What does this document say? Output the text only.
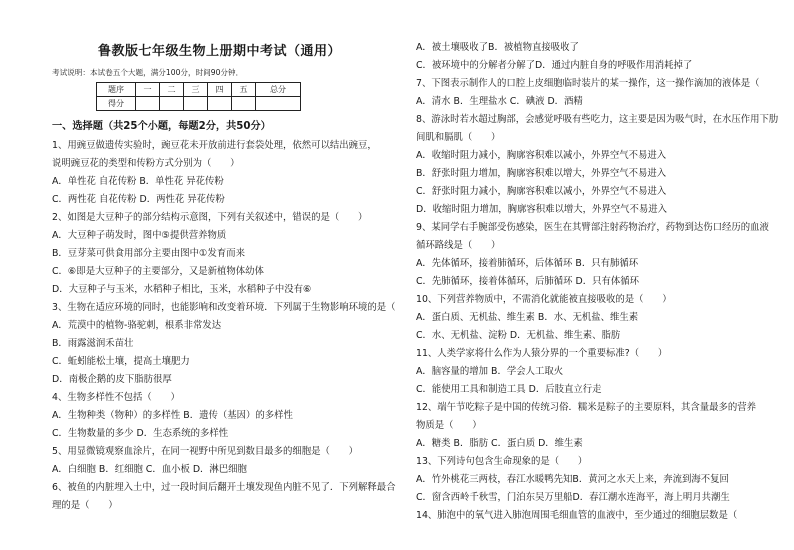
鲁教版七年级生物上册期中考试（通用）
考试说明：本试卷五个大题，满分100分，时间90分钟．
题序	一	二	三	四	五	总分
得分						
一、选择题（共25个小题，每题2分，共50分）
1、用豌豆做遗传实验时，豌豆花未开放前进行套袋处理，依然可以结出豌豆，
说明豌豆花的类型和传粉方式分别为（　　）
A．单性花 自花传粉 B．单性花 异花传粉
C．两性花 自花传粉 D．两性花 异花传粉
2、如图是大豆种子的部分结构示意图，下列有关叙述中，错误的是（　　）
A．大豆种子萌发时，图中⑤提供营养物质
B．豆芽菜可供食用部分主要由图中①发育而来
C．⑥即是大豆种子的主要部分，又是新植物体幼体
D．大豆种子与玉米，水稻种子相比，玉米，水稻种子中没有⑥
3、生物在适应环境的同时，也能影响和改变着环境．下列属于生物影响环境的是（
A．荒漠中的植物-骆驼刺，根系非常发达
B．雨露滋润禾苗壮
C．蚯蚓能松土壤，提高土壤肥力
D．南极企鹅的皮下脂肪很厚
4、生物多样性不包括（　　）
A．生物种类（物种）的多样性 B．遗传（基因）的多样性
C．生物数量的多少 D．生态系统的多样性
5、用显微镜观察血涂片，在同一视野中所见到数目最多的细胞是（　　）
A．白细胞 B．红细胞 C．血小板 D．淋巴细胞
6、被鱼的内脏埋入土中，过一段时间后翻开土壤发现鱼内脏不见了．下列解释最合
理的是（　　）
A．被土壤吸收了B．被植物直接吸收了
C．被环境中的分解者分解了D．通过内脏自身的呼吸作用消耗掉了
7、下图表示制作人的口腔上皮细胞临时装片的某一操作，这一操作滴加的液体是（
A．清水 B．生理盐水 C．碘液 D．酒精
8、游泳时若水超过胸部，会感觉呼吸有些吃力，这主要是因为吸气时，在水压作用下肋
间肌和膈肌（　　）
A．收缩时阻力减小，胸廓容积难以减小，外界空气不易进入
B．舒张时阻力增加，胸廓容积难以增大，外界空气不易进入
C．舒张时阻力减小，胸廓容积难以减小，外界空气不易进入
D．收缩时阻力增加，胸廓容积难以增大，外界空气不易进入
9、某同学右手腕部受伤感染，医生在其臂部注射药物治疗，药物到达伤口经历的血液
循环路线是（　　）
A．先体循环，接着肺循环，后体循环 B．只有肺循环
C．先肺循环，接着体循环，后肺循环 D．只有体循环
10、下列营养物质中，不需消化就能被直接吸收的是（　　）
A．蛋白质、无机盐、维生素 B．水、无机盐、维生素
C．水、无机盐、淀粉 D．无机盐、维生素、脂肪
11、人类学家将什么作为人猿分界的一个重要标准?（　　）
A．脑容量的增加 B．学会人工取火
C．能使用工具和制造工具 D．后肢直立行走
12、端午节吃粽子是中国的传统习俗．糯米是粽子的主要原料，其含量最多的营养
物质是（　　）
A．糖类 B．脂肪 C．蛋白质 D．维生素
13、下列诗句包含生命现象的是（　　）
A．竹外桃花三两枝，春江水暖鸭先知B．黄河之水天上来，奔流到海不复回
C．窗含西岭千秋雪，门泊东吴万里船D．春江潮水连海平，海上明月共潮生
14、肺泡中的氧气进入肺泡周围毛细血管的血液中，至少通过的细胞层数是（
